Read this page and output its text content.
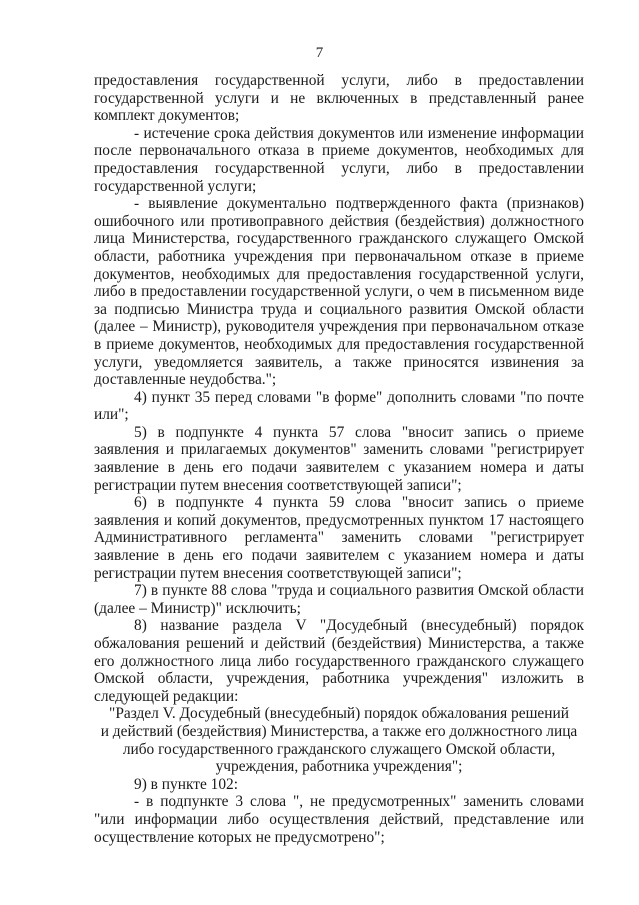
7

предоставления государственной услуги, либо в предоставлении государственной услуги и не включенных в представленный ранее комплект документов;

- истечение срока действия документов или изменение информации после первоначального отказа в приеме документов, необходимых для предоставления государственной услуги, либо в предоставлении государственной услуги;

- выявление документально подтвержденного факта (признаков) ошибочного или противоправного действия (бездействия) должностного лица Министерства, государственного гражданского служащего Омской области, работника учреждения при первоначальном отказе в приеме документов, необходимых для предоставления государственной услуги, либо в предоставлении государственной услуги, о чем в письменном виде за подписью Министра труда и социального развития Омской области (далее – Министр), руководителя учреждения при первоначальном отказе в приеме документов, необходимых для предоставления государственной услуги, уведомляется заявитель, а также приносятся извинения за доставленные неудобства.";

4) пункт 35 перед словами "в форме" дополнить словами "по почте или";

5) в подпункте 4 пункта 57 слова "вносит запись о приеме заявления и прилагаемых документов" заменить словами "регистрирует заявление в день его подачи заявителем с указанием номера и даты регистрации путем внесения соответствующей записи";

6) в подпункте 4 пункта 59 слова "вносит запись о приеме заявления и копий документов, предусмотренных пунктом 17 настоящего Административного регламента" заменить словами "регистрирует заявление в день его подачи заявителем с указанием номера и даты регистрации путем внесения соответствующей записи";

7) в пункте 88 слова "труда и социального развития Омской области (далее – Министр)" исключить;

8) название раздела V "Досудебный (внесудебный) порядок обжалования решений и действий (бездействия) Министерства, а также его должностного лица либо государственного гражданского служащего Омской области, учреждения, работника учреждения" изложить в следующей редакции:

"Раздел V. Досудебный (внесудебный) порядок обжалования решений

и действий (бездействия) Министерства, а также его должностного лица

либо государственного гражданского служащего Омской области,

учреждения, работника учреждения";

9) в пункте 102:

- в подпункте 3 слова ", не предусмотренных" заменить словами "или информации либо осуществления действий, представление или осуществление которых не предусмотрено";
